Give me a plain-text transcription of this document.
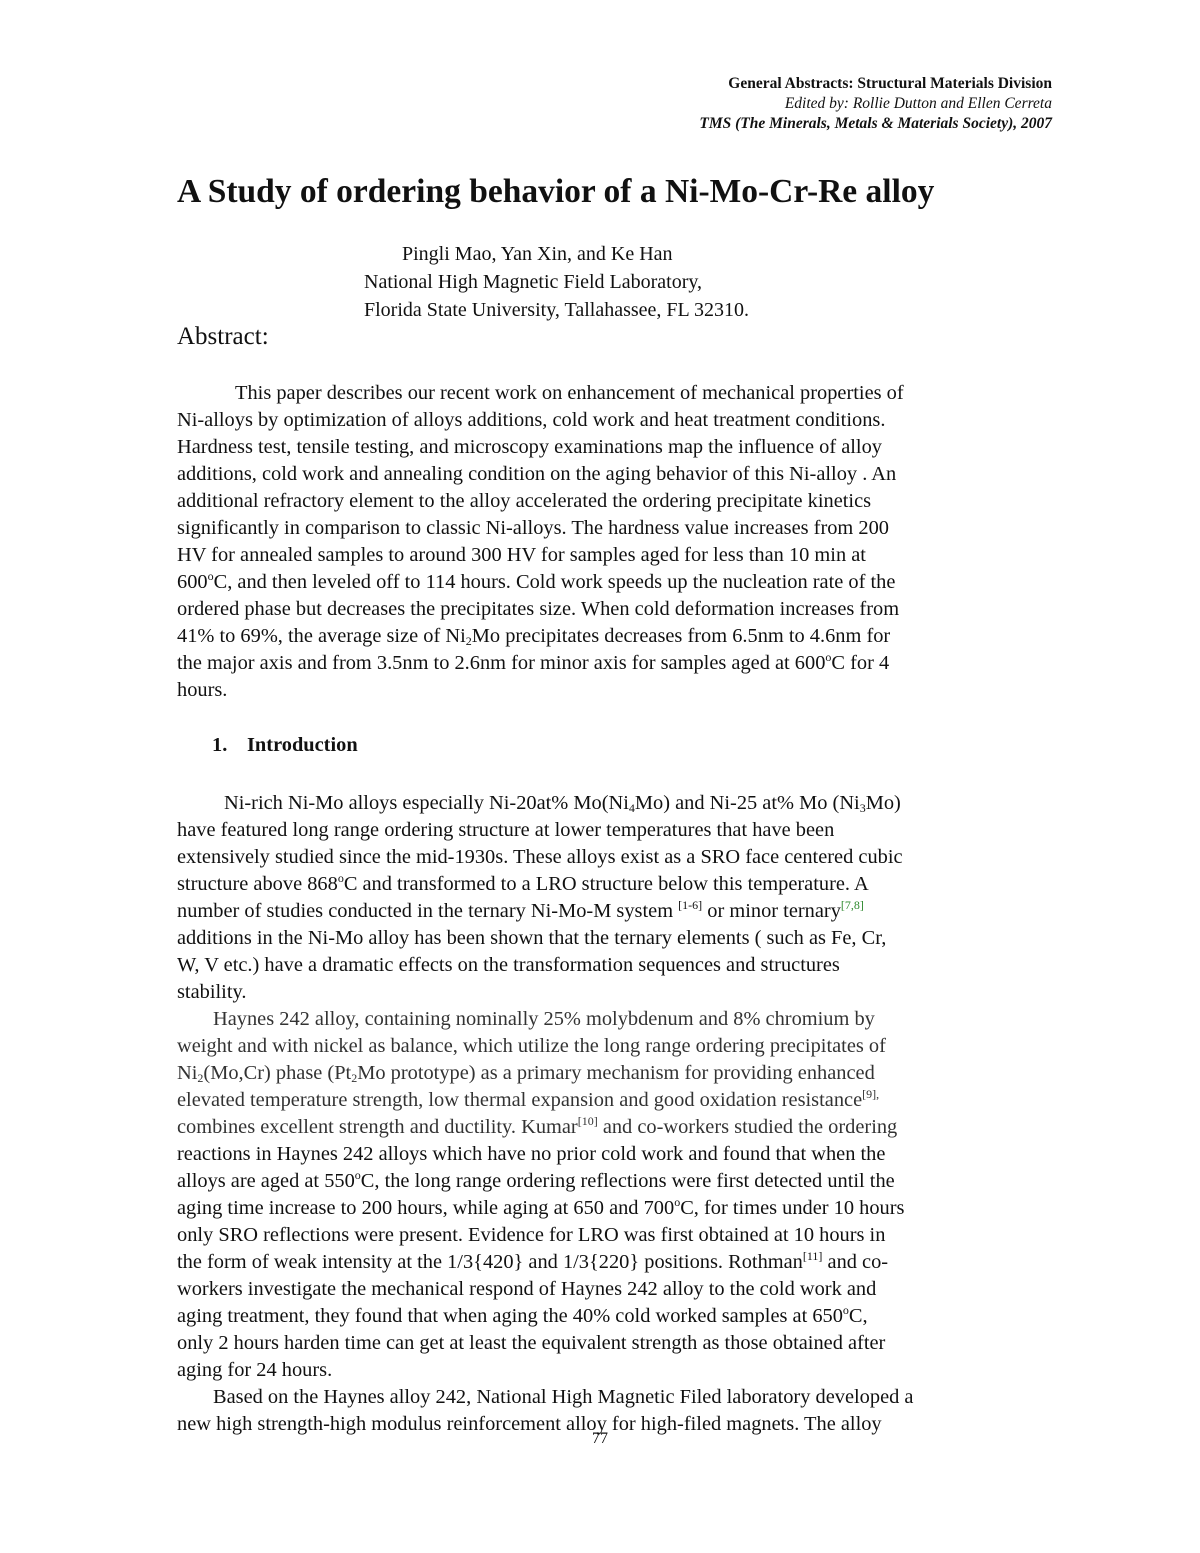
General Abstracts: Structural Materials Division
Edited by: Rollie Dutton and Ellen Cerreta
TMS (The Minerals, Metals & Materials Society), 2007
A Study of ordering behavior of a Ni-Mo-Cr-Re alloy
Pingli Mao, Yan Xin, and Ke Han
National High Magnetic Field Laboratory,
Florida State University, Tallahassee, FL 32310.
Abstract:
This paper describes our recent work on enhancement of mechanical properties of
Ni-alloys by optimization of alloys additions, cold work and heat treatment conditions.
Hardness test, tensile testing, and microscopy examinations map the influence of alloy
additions, cold work and annealing condition on the aging behavior of this Ni-alloy . An
additional refractory element to the alloy accelerated the ordering precipitate kinetics
significantly in comparison to classic Ni-alloys. The hardness value increases from 200
HV for annealed samples to around 300 HV for samples aged for less than 10 min at
600$^o$C, and then leveled off to 114 hours. Cold work speeds up the nucleation rate of the
ordered phase but decreases the precipitates size. When cold deformation increases from
41% to 69%, the average size of $Ni_2Mo$ precipitates decreases from 6.5nm to 4.6nm for
the major axis and from 3.5nm to 2.6nm for minor axis for samples aged at 600$^o$C for 4
hours.
1. Introduction
Ni-rich Ni-Mo alloys especially Ni-20at% $Mo(Ni_4Mo)$ and Ni-25 at% Mo $(Ni_3Mo)$
have featured long range ordering structure at lower temperatures that have been
extensively studied since the mid-1930s. These alloys exist as a SRO face centered cubic
structure above 868$^o$C and transformed to a LRO structure below this temperature. A
number of studies conducted in the ternary Ni-Mo-M system [1-6] or minor ternary[7,8]
additions in the Ni-Mo alloy has been shown that the ternary elements ( such as Fe, Cr,
W, V etc.) have a dramatic effects on the transformation sequences and structures
stability.
Haynes 242 alloy, containing nominally 25% molybdenum and 8% chromium by
weight and with nickel as balance, which utilize the long range ordering precipitates of
$Ni_2(Mo,Cr)$ phase ($Pt_2Mo$ prototype) as a primary mechanism for providing enhanced
elevated temperature strength, low thermal expansion and good oxidation resistance$^{[9],}$
combines excellent strength and ductility. Kumar[10] and co-workers studied the ordering
reactions in Haynes 242 alloys which have no prior cold work and found that when the
alloys are aged at 550$^o$C, the long range ordering reflections were first detected until the
aging time increase to 200 hours, while aging at 650 and 700$^o$C, for times under 10 hours
only SRO reflections were present. Evidence for LRO was first obtained at 10 hours in
the form of weak intensity at the 1/3{420} and 1/3{220} positions. Rothman[11] and co-
workers investigate the mechanical respond of Haynes 242 alloy to the cold work and
aging treatment, they found that when aging the 40% cold worked samples at 650$^o$C,
only 2 hours harden time can get at least the equivalent strength as those obtained after
aging for 24 hours.
Based on the Haynes alloy 242, National High Magnetic Filed laboratory developed a
new high strength-high modulus reinforcement alloy for high-filed magnets. The alloy
77
